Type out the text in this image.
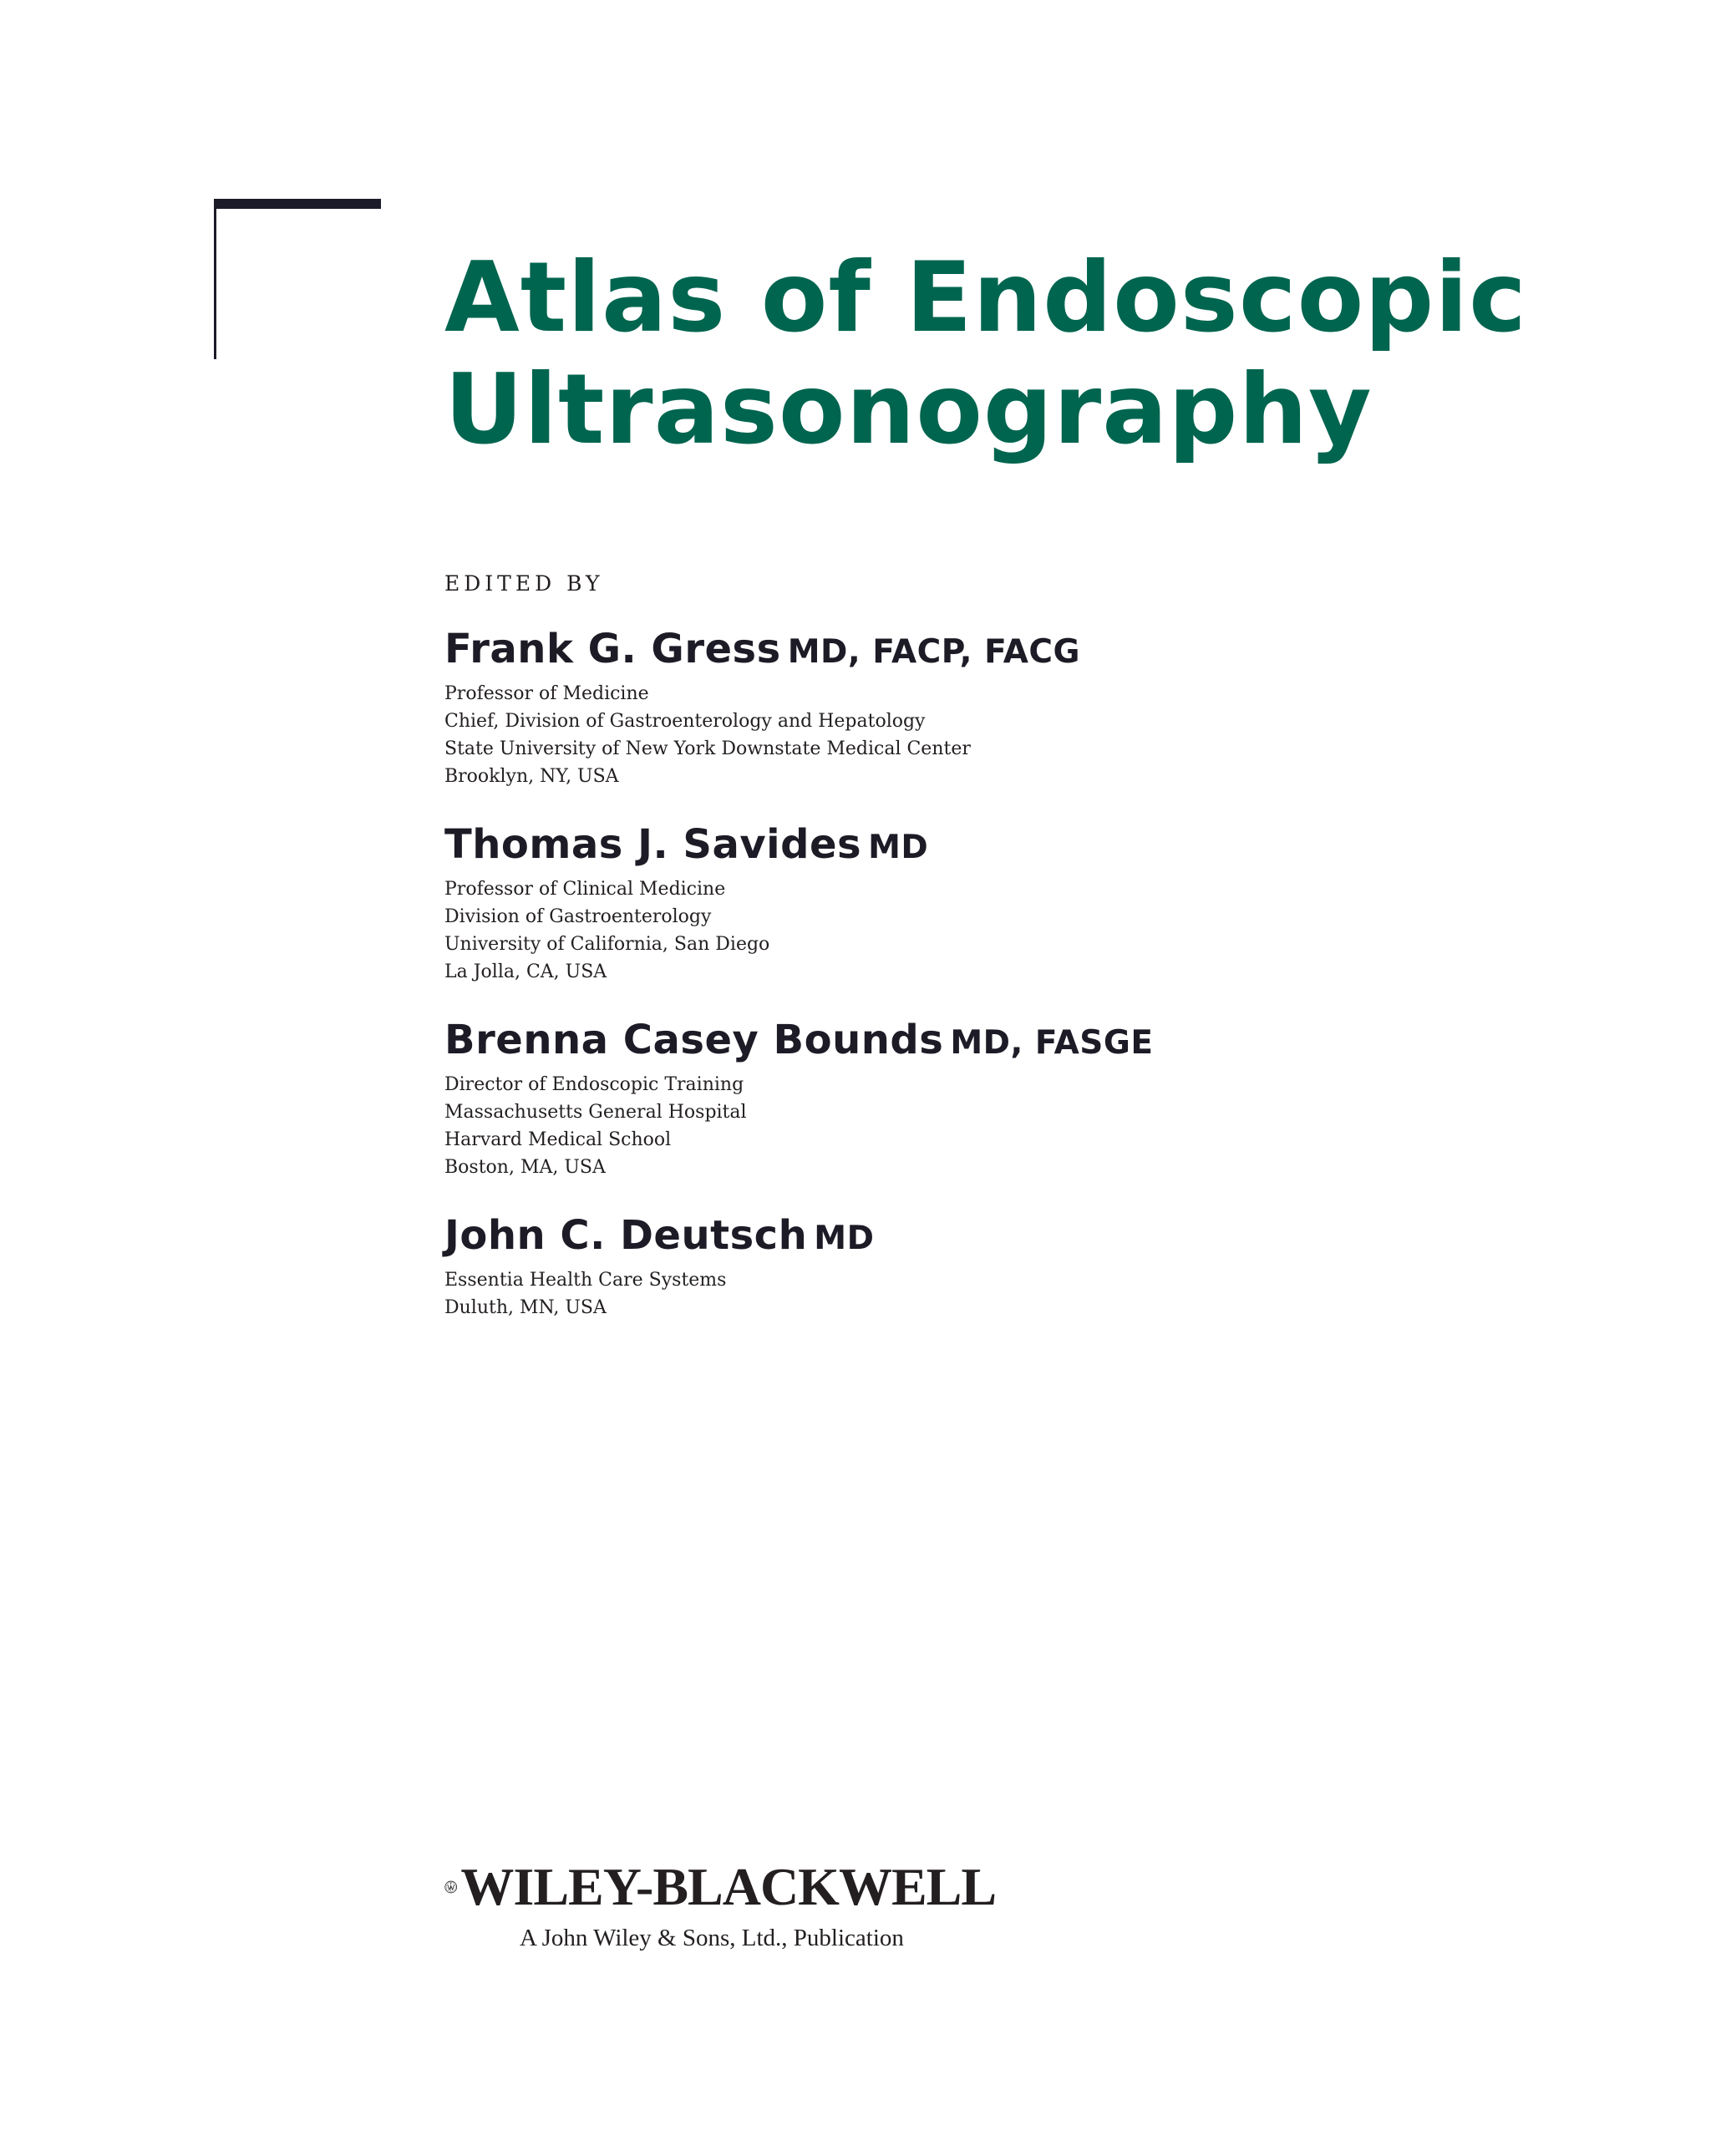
Atlas of Endoscopic
Ultrasonography
EDITED BY
Frank G. Gress MD, FACP, FACG
Professor of Medicine
Chief, Division of Gastroenterology and Hepatology
State University of New York Downstate Medical Center
Brooklyn, NY, USA
Thomas J. Savides MD
Professor of Clinical Medicine
Division of Gastroenterology
University of California, San Diego
La Jolla, CA, USA
Brenna Casey Bounds MD, FASGE
Director of Endoscopic Training
Massachusetts General Hospital
Harvard Medical School
Boston, MA, USA
John C. Deutsch MD
Essentia Health Care Systems
Duluth, MN, USA
WILEY-BLACKWELL
A John Wiley & Sons, Ltd., Publication
